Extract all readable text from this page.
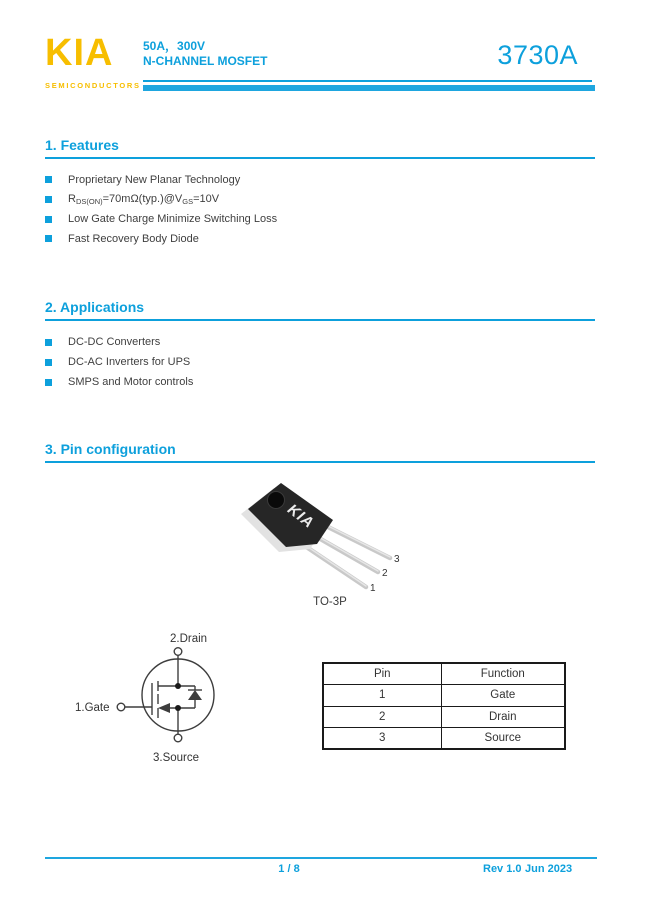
KIA
SEMICONDUCTORS
50A，300V
N-CHANNEL MOSFET	3730A
1. Features
Proprietary New Planar Technology
$R_{DS(ON)}=70m\Omega(typ.)@V_{GS}=10V$
Low Gate Charge Minimize Switching Loss
Fast Recovery Body Diode
2. Applications
DC-DC Converters
DC-AC Inverters for UPS
SMPS and Motor controls
3. Pin configuration
KIA
3
2
1
TO-3P
2.Drain
1.Gate
3.Source
Pin	Function
1	Gate
2	Drain
3	Source
1 / 8	Rev 1.0 Jun 2023
